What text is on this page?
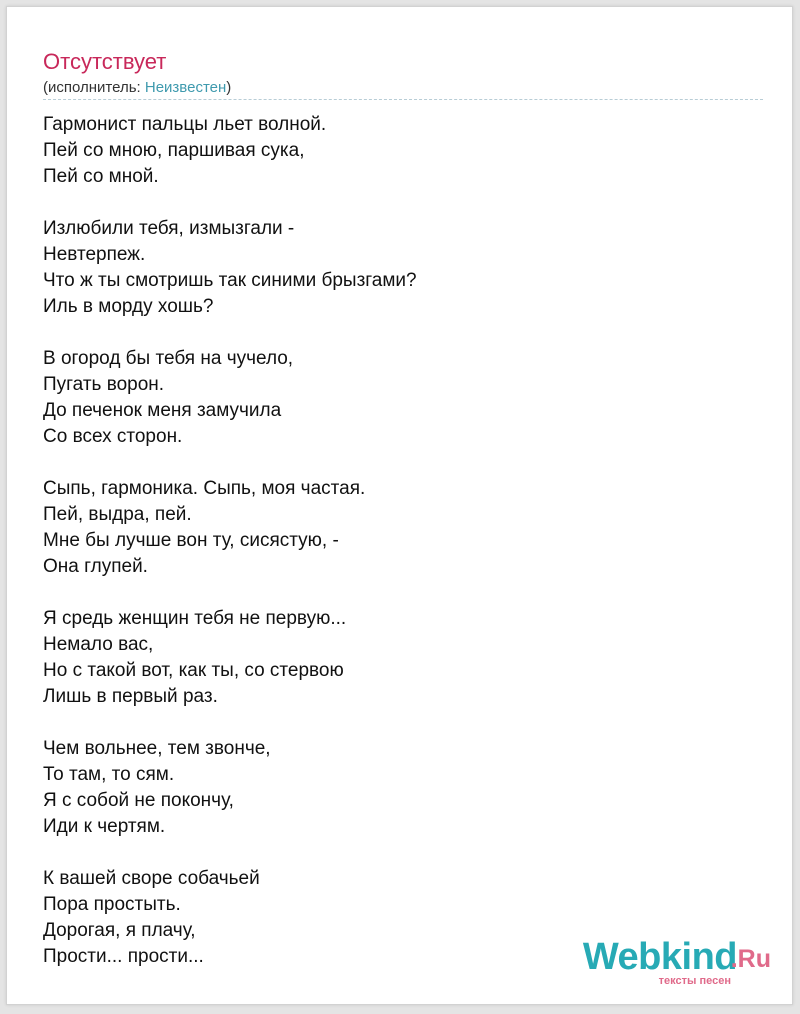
Отсутствует
(исполнитель: Неизвестен)
Гармонист пальцы льет волной.
Пей со мною, паршивая сука,
Пей со мной.
Излюбили тебя, измызгали -
Невтерпеж.
Что ж ты смотришь так синими брызгами?
Иль в морду хошь?
В огород бы тебя на чучело,
Пугать ворон.
До печенок меня замучила
Со всех сторон.
Сыпь, гармоника. Сыпь, моя частая.
Пей, выдра, пей.
Мне бы лучше вон ту, сисястую, -
Она глупей.
Я средь женщин тебя не первую...
Немало вас,
Но с такой вот, как ты, со стервою
Лишь в первый раз.
Чем вольнее, тем звонче,
То там, то сям.
Я с собой не покончу,
Иди к чертям.
К вашей своре собачьей
Пора простыть.
Дорогая, я плачу,
Прости... прости...	Webkind
.Ru
тексты песен
